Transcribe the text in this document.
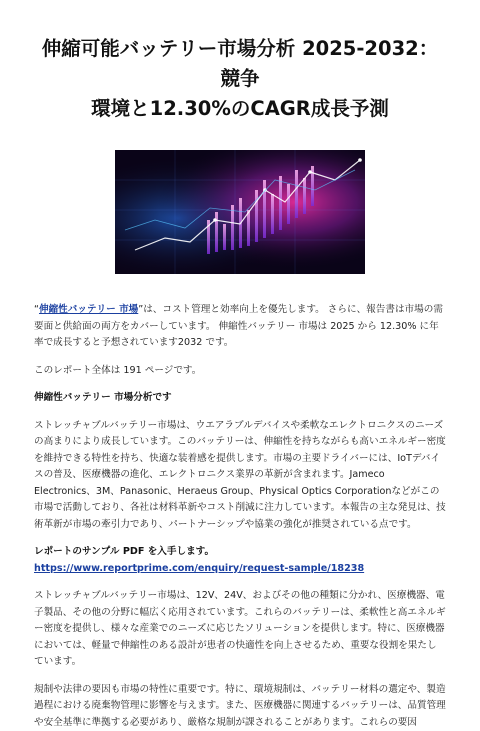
伸縮可能バッテリー市場分析 2025-2032：競争
環境と12.30%のCAGR成長予測

“伸縮性バッテリー 市場”は、コスト管理と効率向上を優先します。 さらに、報告書は市場の需要面と供給面の両方をカバーしています。 伸縮性バッテリー 市場は 2025 から 12.30% に年率で成長すると予想されています2032 です。

このレポート全体は 191 ページです。

伸縮性バッテリー 市場分析です

ストレッチャブルバッテリー市場は、ウエアラブルデバイスや柔軟なエレクトロニクスのニーズの高まりにより成長しています。このバッテリーは、伸縮性を持ちながらも高いエネルギー密度を維持できる特性を持ち、快適な装着感を提供します。市場の主要ドライバーには、IoTデバイスの普及、医療機器の進化、エレクトロニクス業界の革新が含まれます。Jameco Electronics、3M、Panasonic、Heraeus Group、Physical Optics Corporationなどがこの市場で活動しており、各社は材料革新やコスト削減に注力しています。本報告の主な発見は、技術革新が市場の牽引力であり、パートナーシップや協業の強化が推奨されている点です。

レポートのサンプル PDF を入手します。 https://www.reportprime.com/enquiry/request-sample/18238

ストレッチャブルバッテリー市場は、12V、24V、およびその他の種類に分かれ、医療機器、電子製品、その他の分野に幅広く応用されています。これらのバッテリーは、柔軟性と高エネルギー密度を提供し、様々な産業でのニーズに応じたソリューションを提供します。特に、医療機器においては、軽量で伸縮性のある設計が患者の快適性を向上させるため、重要な役割を果たしています。

規制や法律の要因も市場の特性に重要です。特に、環境規制は、バッテリー材料の選定や、製造過程における廃棄物管理に影響を与えます。また、医療機器に関連するバッテリーは、品質管理や安全基準に準拠する必要があり、厳格な規制が課されることがあります。これらの要因
